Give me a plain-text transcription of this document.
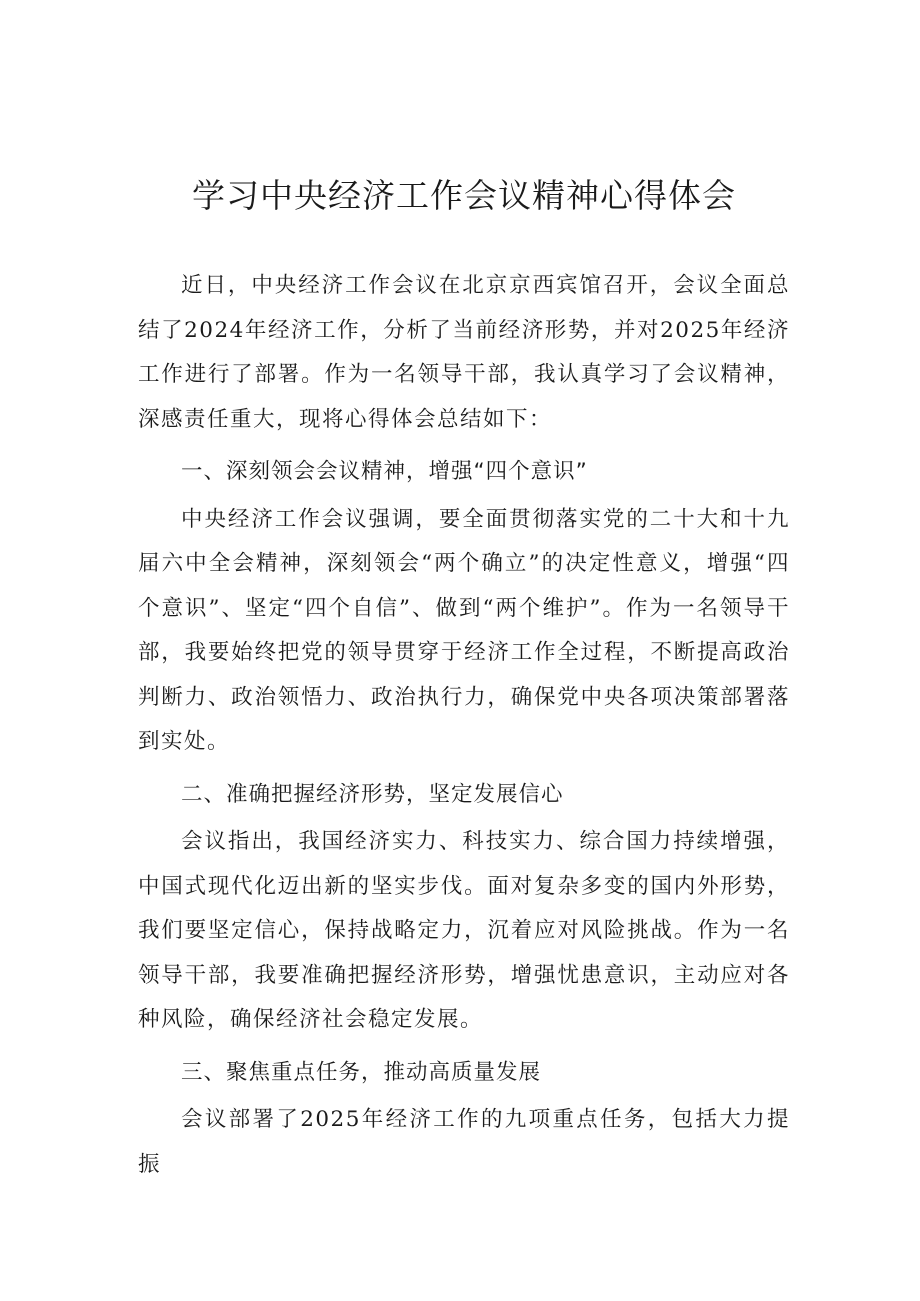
学习中央经济工作会议精神心得体会

近日，中央经济工作会议在北京京西宾馆召开，会议全面总结了2024年经济工作，分析了当前经济形势，并对2025年经济工作进行了部署。作为一名领导干部，我认真学习了会议精神，深感责任重大，现将心得体会总结如下：

一、深刻领会会议精神，增强“四个意识”

中央经济工作会议强调，要全面贯彻落实党的二十大和十九届六中全会精神，深刻领会“两个确立”的决定性意义，增强“四个意识”、坚定“四个自信”、做到“两个维护”。作为一名领导干部，我要始终把党的领导贯穿于经济工作全过程，不断提高政治判断力、政治领悟力、政治执行力，确保党中央各项决策部署落到实处。

二、准确把握经济形势，坚定发展信心

会议指出，我国经济实力、科技实力、综合国力持续增强，中国式现代化迈出新的坚实步伐。面对复杂多变的国内外形势，我们要坚定信心，保持战略定力，沉着应对风险挑战。作为一名领导干部，我要准确把握经济形势，增强忧患意识，主动应对各种风险，确保经济社会稳定发展。

三、聚焦重点任务，推动高质量发展

会议部署了2025年经济工作的九项重点任务，包括大力提振
